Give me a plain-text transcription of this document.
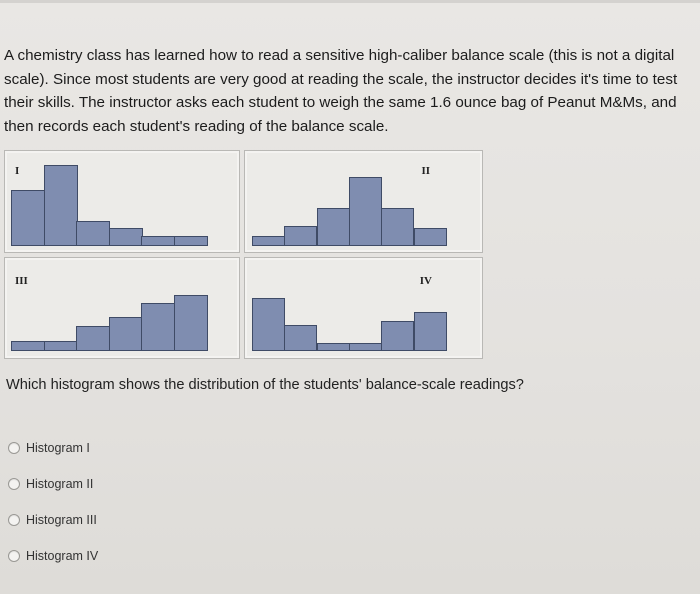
A chemistry class has learned how to read a sensitive high-caliber balance scale (this is not a digital scale). Since most students are very good at reading the scale, the instructor decides it's time to test their skills. The instructor asks each student to weigh the same 1.6 ounce bag of Peanut M&Ms, and then records each student's reading of the balance scale.
I	II
III	IV
Which histogram shows the distribution of the students' balance-scale readings?
Histogram I
Histogram II
Histogram III
Histogram IV
